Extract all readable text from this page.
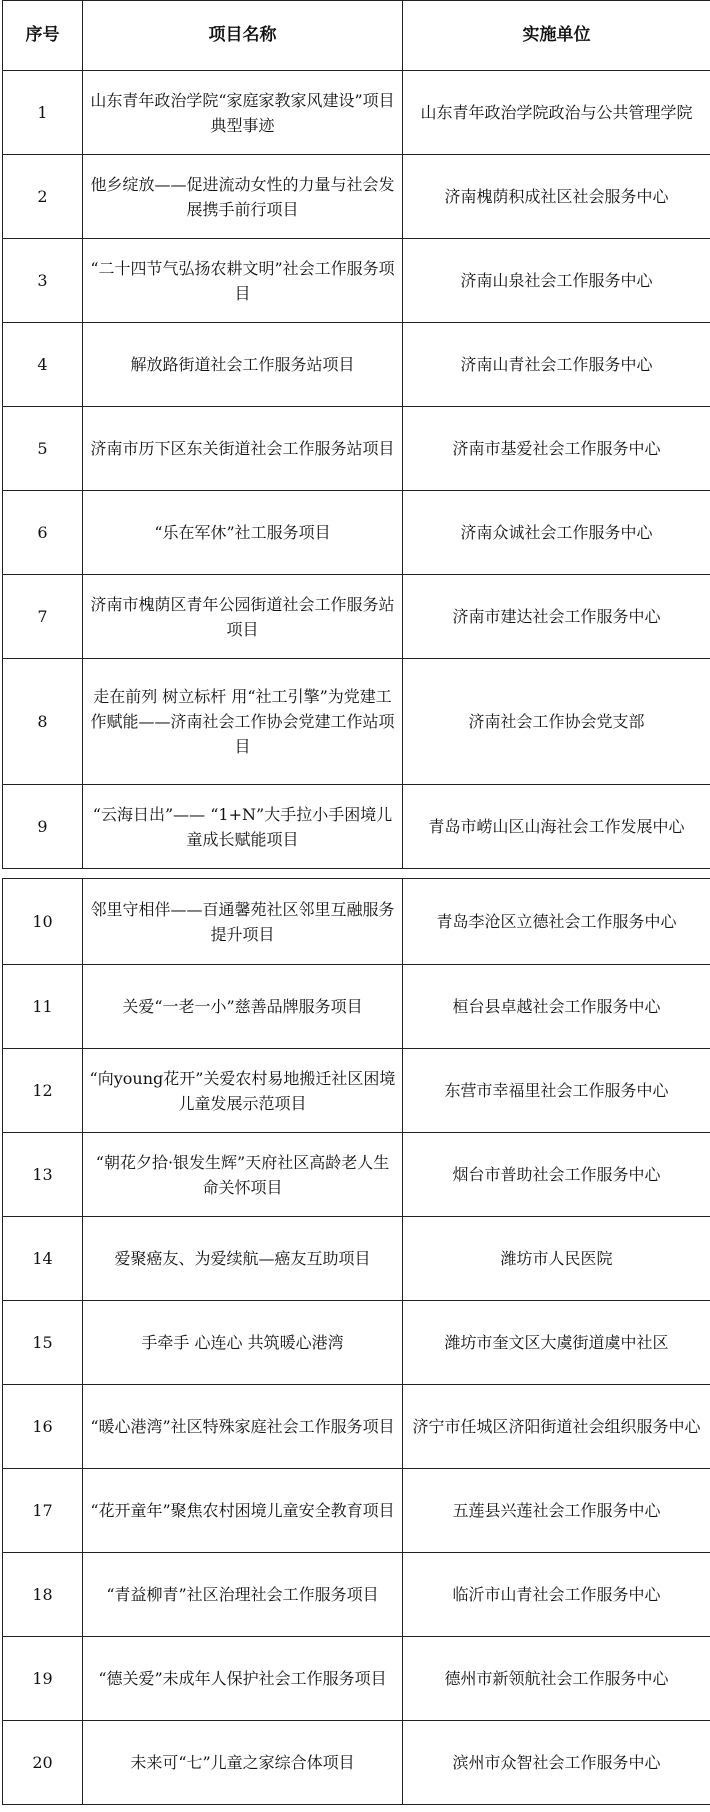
序号	项目名称	实施单位
1	山东青年政治学院“家庭家教家风建设”项目典型事迹	山东青年政治学院政治与公共管理学院
2	他乡绽放——促进流动女性的力量与社会发展携手前行项目	济南槐荫积成社区社会服务中心
3	“二十四节气弘扬农耕文明”社会工作服务项目	济南山泉社会工作服务中心
4	解放路街道社会工作服务站项目	济南山青社会工作服务中心
5	济南市历下区东关街道社会工作服务站项目	济南市基爱社会工作服务中心
6	“乐在军休”社工服务项目	济南众诚社会工作服务中心
7	济南市槐荫区青年公园街道社会工作服务站项目	济南市建达社会工作服务中心
8	走在前列 树立标杆 用“社工引擎”为党建工作赋能——济南社会工作协会党建工作站项目	济南社会工作协会党支部
9	“云海日出”—— “1+N”大手拉小手困境儿童成长赋能项目	青岛市崂山区山海社会工作发展中心
10	邻里守相伴——百通馨苑社区邻里互融服务提升项目	青岛李沧区立德社会工作服务中心
11	关爱“一老一小”慈善品牌服务项目	桓台县卓越社会工作服务中心
12	“向young花开”关爱农村易地搬迁社区困境儿童发展示范项目	东营市幸福里社会工作服务中心
13	“朝花夕拾·银发生辉”天府社区高龄老人生命关怀项目	烟台市普助社会工作服务中心
14	爱聚癌友、为爱续航—癌友互助项目	潍坊市人民医院
15	手牵手 心连心 共筑暖心港湾	潍坊市奎文区大虞街道虞中社区
16	“暖心港湾”社区特殊家庭社会工作服务项目	济宁市任城区济阳街道社会组织服务中心
17	“花开童年”聚焦农村困境儿童安全教育项目	五莲县兴莲社会工作服务中心
18	“青益柳青”社区治理社会工作服务项目	临沂市山青社会工作服务中心
19	“德关爱”未成年人保护社会工作服务项目	德州市新领航社会工作服务中心
20	未来可“七”儿童之家综合体项目	滨州市众智社会工作服务中心
